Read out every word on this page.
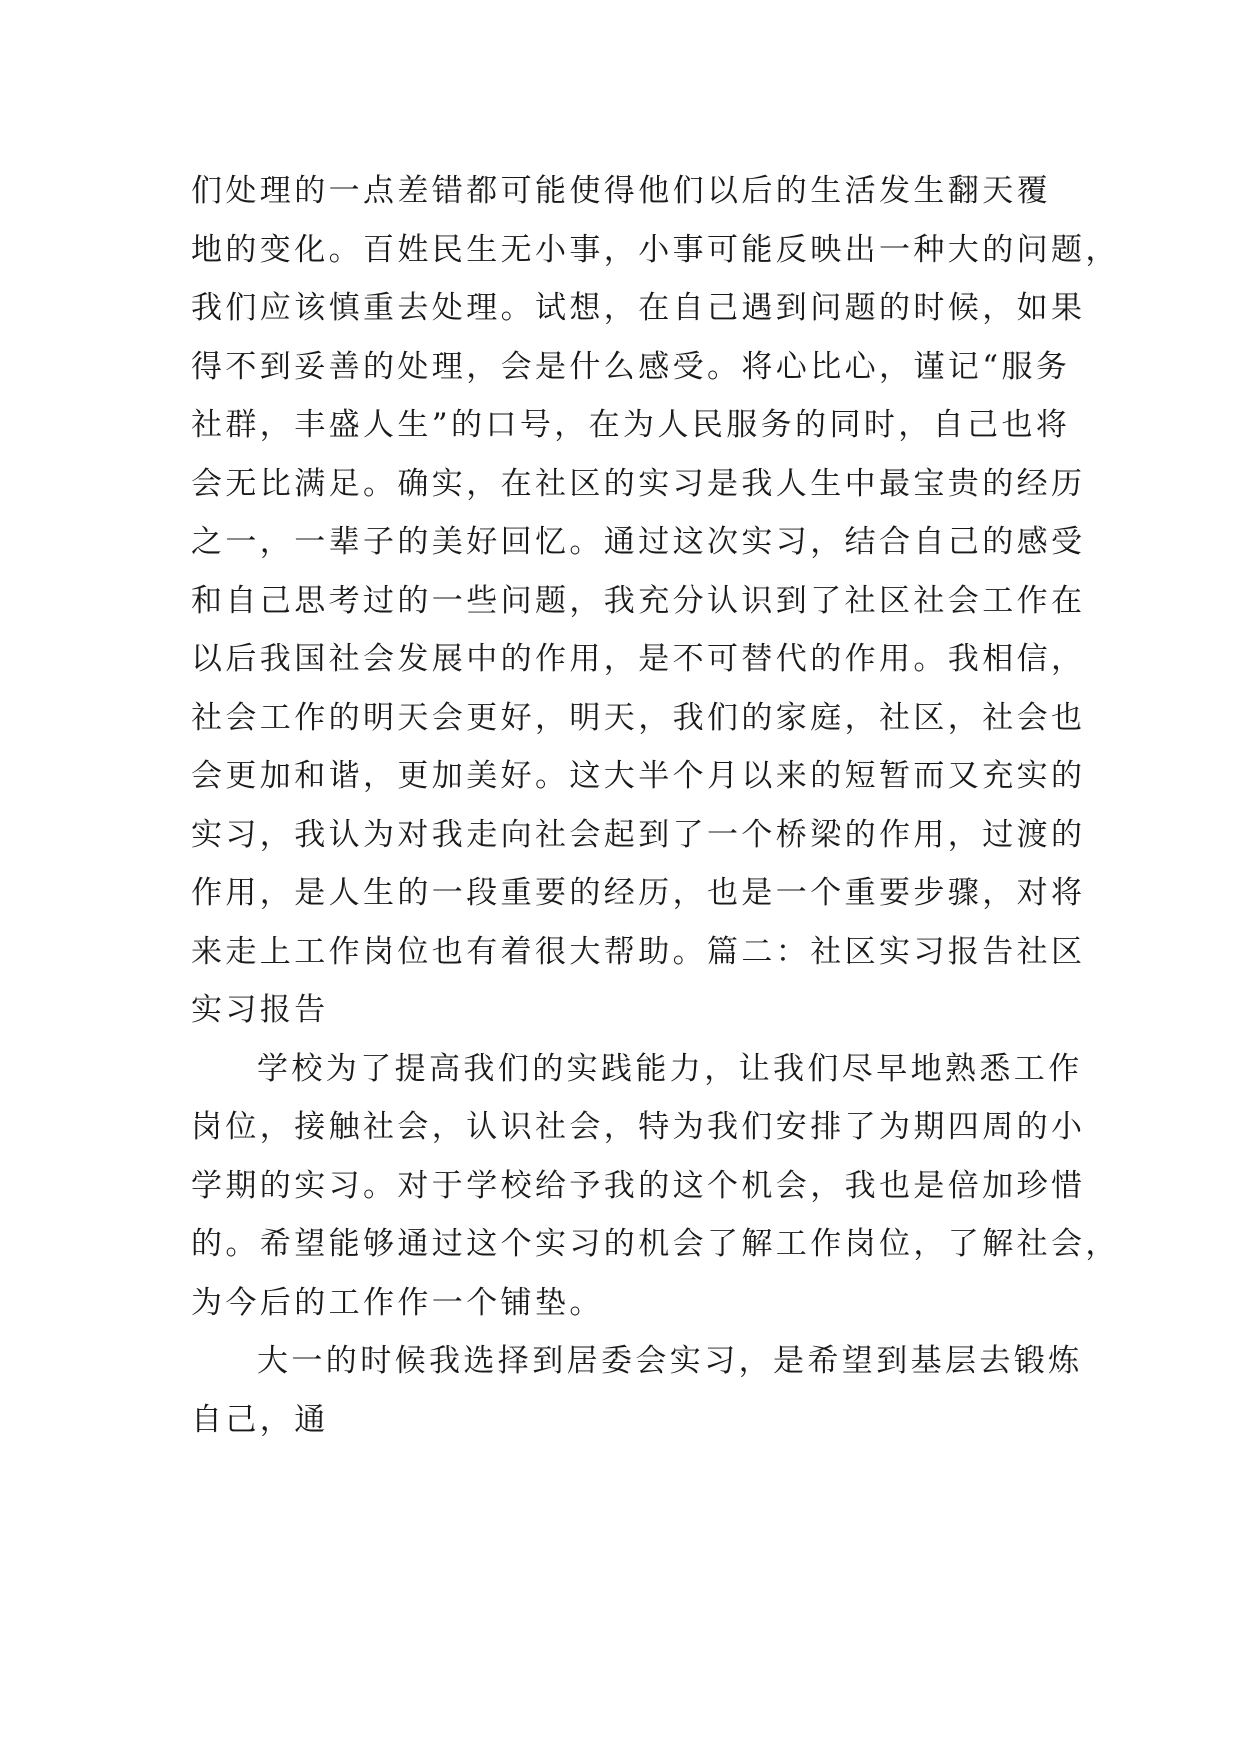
们处理的一点差错都可能使得他们以后的生活发生翻天覆
地的变化。百姓民生无小事，小事可能反映出一种大的问题，
我们应该慎重去处理。试想，在自己遇到问题的时候，如果
得不到妥善的处理，会是什么感受。将心比心，谨记“服务
社群，丰盛人生”的口号，在为人民服务的同时，自己也将
会无比满足。确实，在社区的实习是我人生中最宝贵的经历
之一，一辈子的美好回忆。通过这次实习，结合自己的感受
和自己思考过的一些问题，我充分认识到了社区社会工作在
以后我国社会发展中的作用，是不可替代的作用。我相信，
社会工作的明天会更好，明天，我们的家庭，社区，社会也
会更加和谐，更加美好。这大半个月以来的短暂而又充实的
实习，我认为对我走向社会起到了一个桥梁的作用，过渡的
作用，是人生的一段重要的经历，也是一个重要步骤，对将
来走上工作岗位也有着很大帮助。篇二：社区实习报告社区
实习报告
学校为了提高我们的实践能力，让我们尽早地熟悉工作
岗位，接触社会，认识社会，特为我们安排了为期四周的小
学期的实习。对于学校给予我的这个机会，我也是倍加珍惜
的。希望能够通过这个实习的机会了解工作岗位，了解社会，
为今后的工作作一个铺垫。
大一的时候我选择到居委会实习，是希望到基层去锻炼
自己，通
